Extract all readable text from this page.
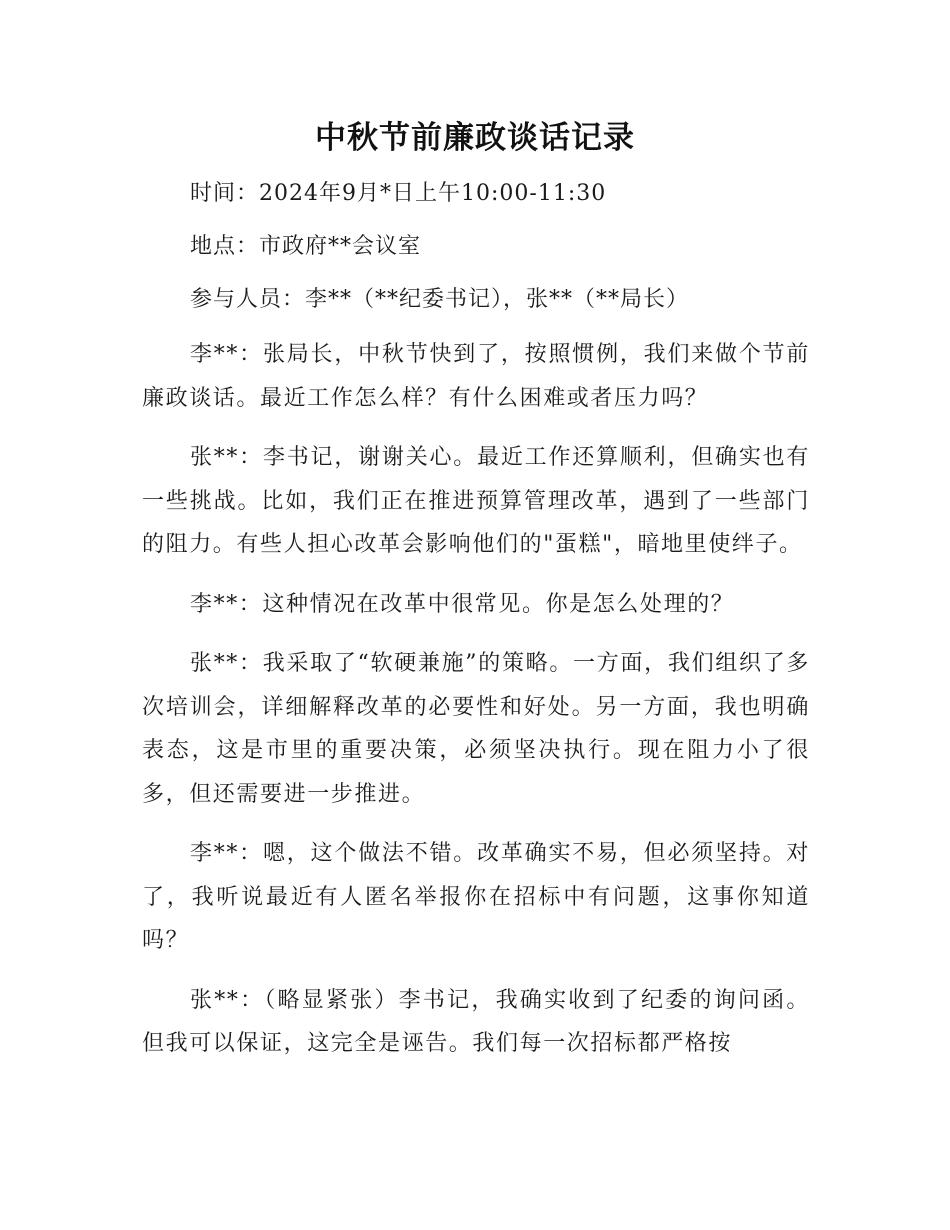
中秋节前廉政谈话记录

时间：2024年9月*日上午10:00-11:30

地点：市政府**会议室

参与人员：李**（**纪委书记），张**（**局长）

李**：张局长，中秋节快到了，按照惯例，我们来做个节前廉政谈话。最近工作怎么样？有什么困难或者压力吗？

张**：李书记，谢谢关心。最近工作还算顺利，但确实也有一些挑战。比如，我们正在推进预算管理改革，遇到了一些部门的阻力。有些人担心改革会影响他们的"蛋糕"，暗地里使绊子。

李**：这种情况在改革中很常见。你是怎么处理的？

张**：我采取了“软硬兼施”的策略。一方面，我们组织了多次培训会，详细解释改革的必要性和好处。另一方面，我也明确表态，这是市里的重要决策，必须坚决执行。现在阻力小了很多，但还需要进一步推进。

李**：嗯，这个做法不错。改革确实不易，但必须坚持。对了，我听说最近有人匿名举报你在招标中有问题，这事你知道吗？

张**：（略显紧张）李书记，我确实收到了纪委的询问函。但我可以保证，这完全是诬告。我们每一次招标都严格按
